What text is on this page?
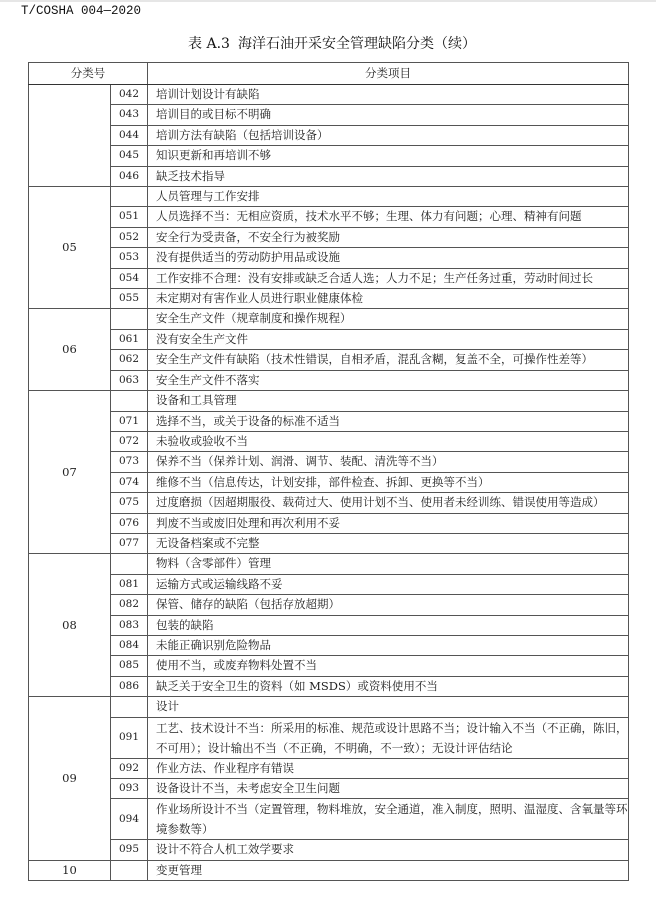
T/COSHA 004—2020
表 A.3 海洋石油开采安全管理缺陷分类（续）
分类号		分类项目
	042	培训计划设计有缺陷
	043	培训目的或目标不明确
	044	培训方法有缺陷（包括培训设备）
	045	知识更新和再培训不够
	046	缺乏技术指导
05		人员管理与工作安排
	051	人员选择不当：无相应资质，技术水平不够；生理、体力有问题；心理、精神有问题
	052	安全行为受责备，不安全行为被奖励
	053	没有提供适当的劳动防护用品或设施
	054	工作安排不合理：没有安排或缺乏合适人选；人力不足；生产任务过重，劳动时间过长
	055	未定期对有害作业人员进行职业健康体检
06		安全生产文件（规章制度和操作规程）
	061	没有安全生产文件
	062	安全生产文件有缺陷（技术性错误，自相矛盾，混乱含糊，复盖不全，可操作性差等）
	063	安全生产文件不落实
07		设备和工具管理
	071	选择不当，或关于设备的标准不适当
	072	未验收或验收不当
	073	保养不当（保养计划、润滑、调节、装配、清洗等不当）
	074	维修不当（信息传达，计划安排，部件检查、拆卸、更换等不当）
	075	过度磨损（因超期服役、载荷过大、使用计划不当、使用者未经训练、错误使用等造成）
	076	判废不当或废旧处理和再次利用不妥
	077	无设备档案或不完整
08		物料（含零部件）管理
	081	运输方式或运输线路不妥
	082	保管、储存的缺陷（包括存放超期）
	083	包装的缺陷
	084	未能正确识别危险物品
	085	使用不当，或废弃物料处置不当
	086	缺乏关于安全卫生的资料（如 MSDS）或资料使用不当
09		设计
	091	工艺、技术设计不当：所采用的标准、规范或设计思路不当；设计输入不当（不正确，陈旧，不可用）；设计输出不当（不正确，不明确，不一致）；无设计评估结论
	092	作业方法、作业程序有错误
	093	设备设计不当，未考虑安全卫生问题
	094	作业场所设计不当（定置管理，物料堆放，安全通道，准入制度，照明、温湿度、含氧量等环境参数等）
	095	设计不符合人机工效学要求
10		变更管理
